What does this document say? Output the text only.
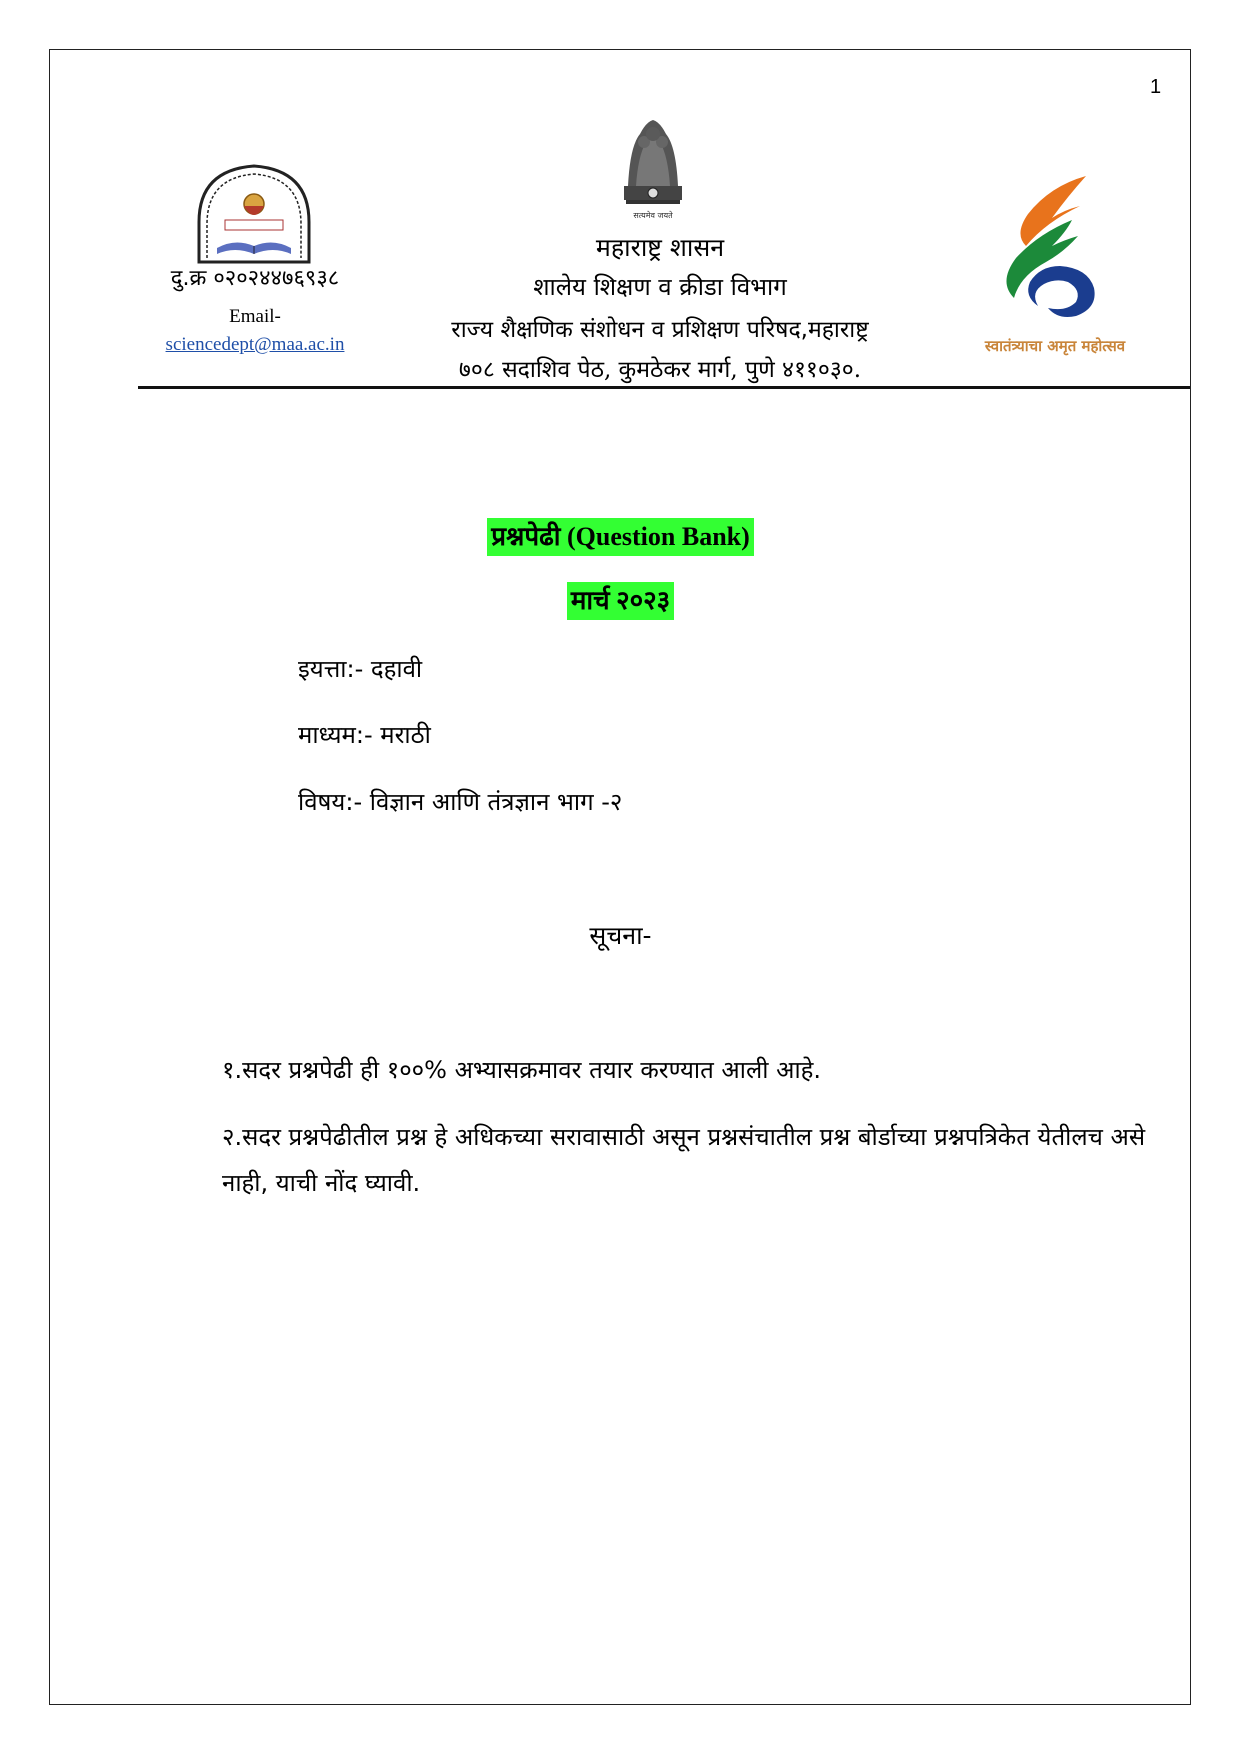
1
दु.क्र ०२०२४४७६९३८
Email-
sciencedept@maa.ac.in
सत्यमेव जयते
महाराष्ट्र शासन
शालेय शिक्षण व क्रीडा विभाग
राज्य शैक्षणिक संशोधन व प्रशिक्षण परिषद,महाराष्ट्र
७०८ सदाशिव पेठ, कुमठेकर मार्ग, पुणे ४११०३०.
स्वातंत्र्याचा अमृत महोत्सव
प्रश्नपेढी (Question Bank)
मार्च २०२३
इयत्ता:- दहावी
माध्यम:- मराठी
विषय:- विज्ञान आणि तंत्रज्ञान भाग -२
सूचना-
१.सदर प्रश्नपेढी ही १००% अभ्यासक्रमावर तयार करण्यात आली आहे.
२.सदर प्रश्नपेढीतील प्रश्न हे अधिकच्या सरावासाठी असून प्रश्नसंचातील प्रश्न बोर्डाच्या प्रश्नपत्रिकेत येतीलच असे नाही, याची नोंद घ्यावी.
